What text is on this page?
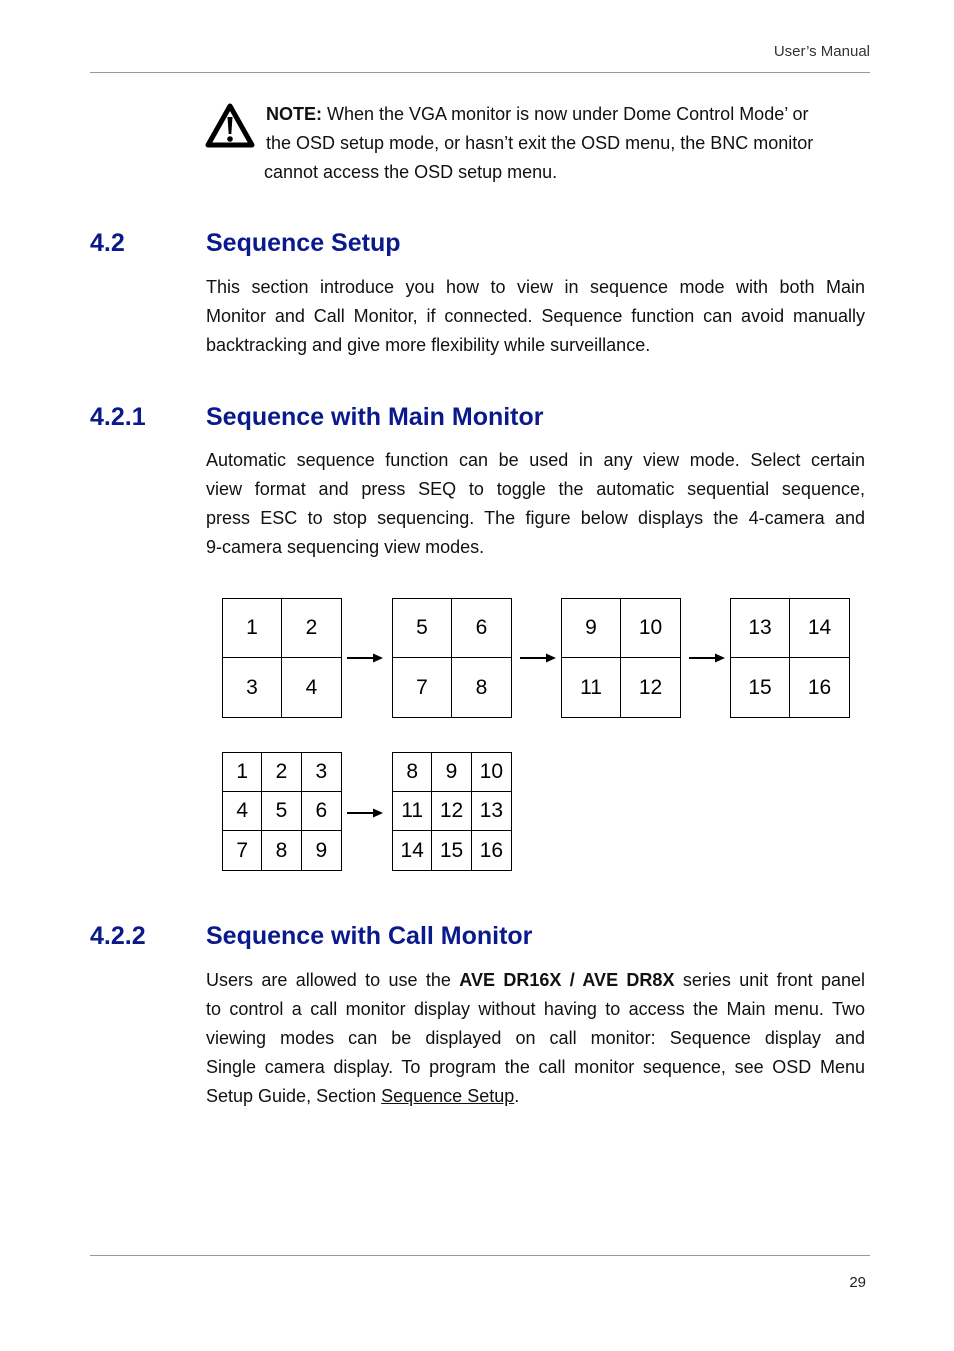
User’s Manual
NOTE: When the VGA monitor is now under Dome Control Mode’ or
the OSD setup mode, or hasn’t exit the OSD menu, the BNC monitor
cannot access the OSD setup menu.
4.2	Sequence Setup
This section introduce you how to view in sequence mode with both Main
Monitor and Call Monitor, if connected. Sequence function can avoid manually
backtracking and give more flexibility while surveillance.
4.2.1 Sequence with Main Monitor
Automatic sequence function can be used in any view mode. Select certain
view format and press SEQ to toggle the automatic sequential sequence,
press ESC to stop sequencing. The figure below displays the 4-camera and
9-camera sequencing view modes.
1	2
3	4
5	6
7	8
9	10
11	12
13	14
15	16
1	2	3
4	5	6
7	8	9
8	9	10
11 12 13
14 15 16
4.2.2 Sequence with Call Monitor
Users are allowed to use the AVE DR16X / AVE DR8X series unit front panel
to control a call monitor display without having to access the Main menu. Two
viewing modes can be displayed on call monitor: Sequence display and
Single camera display. To program the call monitor sequence, see OSD Menu
Setup Guide, Section Sequence Setup.
29
